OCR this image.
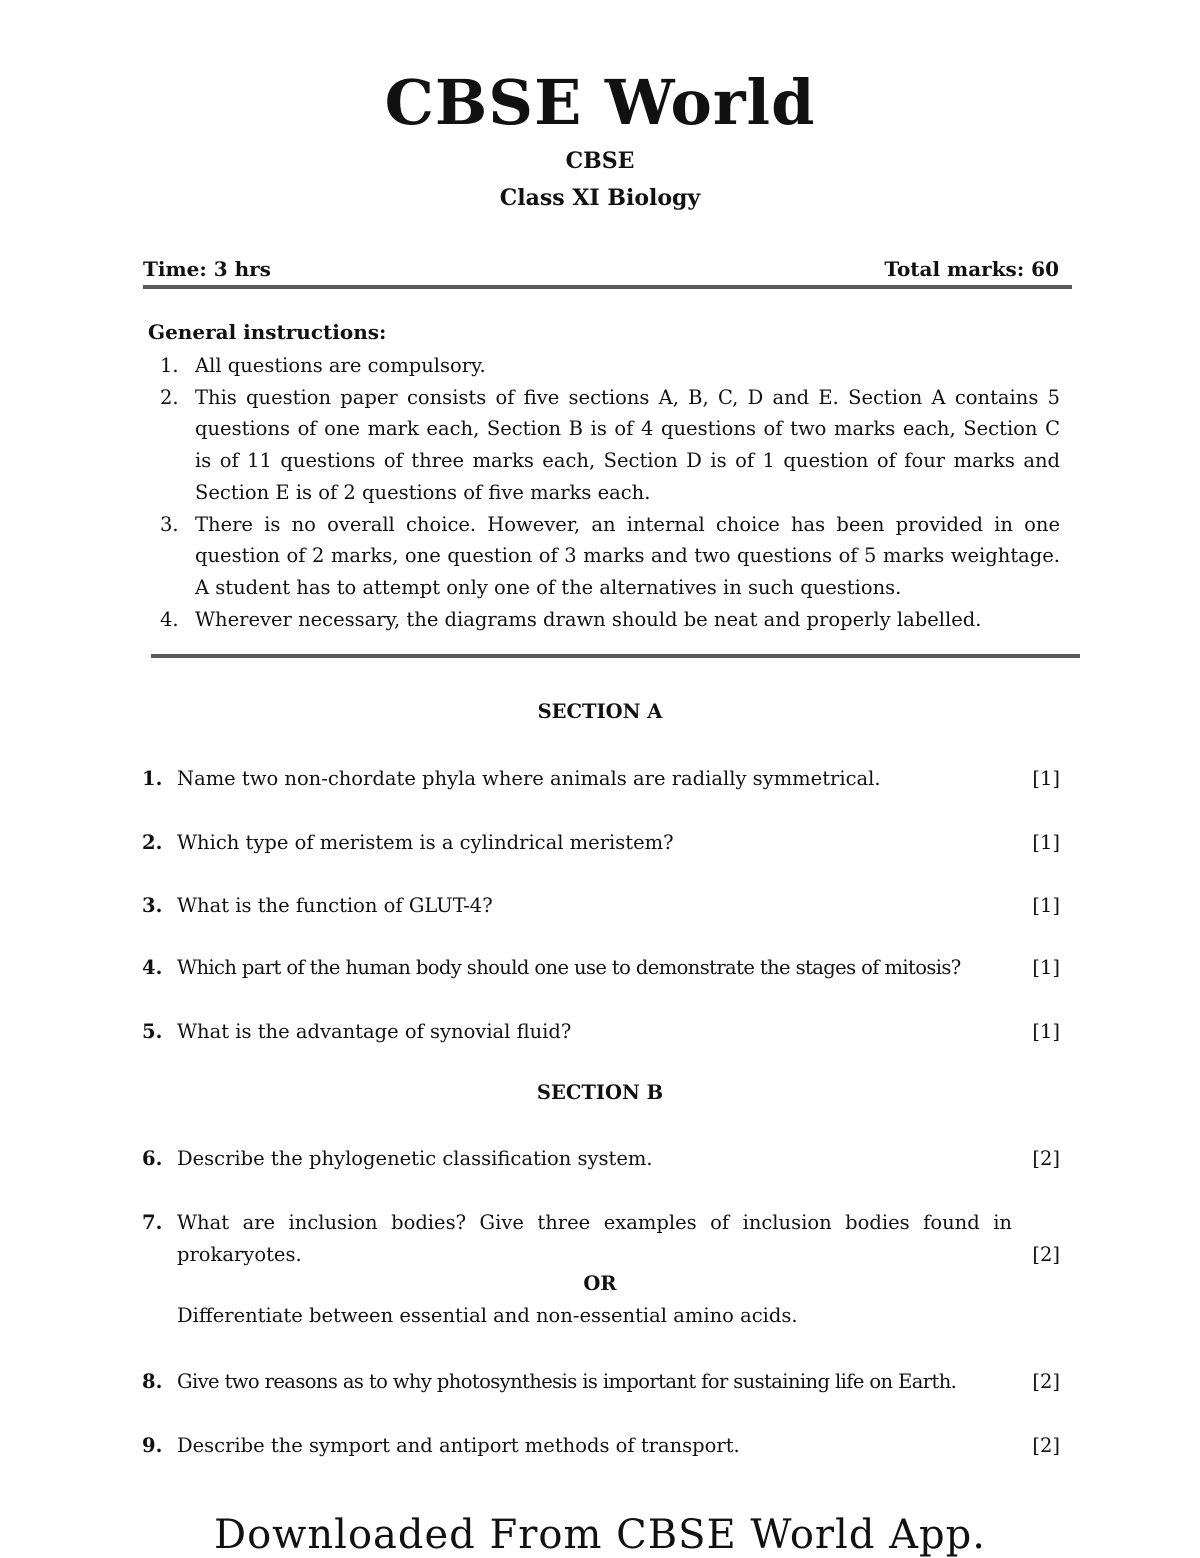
CBSE World
CBSE
Class XI Biology
Time: 3 hrs	Total marks: 60
General instructions:
1. All questions are compulsory.
2. This question paper consists of five sections A, B, C, D and E. Section A contains 5 questions of one mark each, Section B is of 4 questions of two marks each, Section C is of 11 questions of three marks each, Section D is of 1 question of four marks and Section E is of 2 questions of five marks each.
3. There is no overall choice. However, an internal choice has been provided in one question of 2 marks, one question of 3 marks and two questions of 5 marks weightage. A student has to attempt only one of the alternatives in such questions.
4. Wherever necessary, the diagrams drawn should be neat and properly labelled.
SECTION A
1. Name two non-chordate phyla where animals are radially symmetrical.	[1]
2. Which type of meristem is a cylindrical meristem?	[1]
3. What is the function of GLUT-4?	[1]
4. Which part of the human body should one use to demonstrate the stages of mitosis?	[1]
5. What is the advantage of synovial fluid?	[1]
SECTION B
6. Describe the phylogenetic classification system.	[2]
7. What are inclusion bodies? Give three examples of inclusion bodies found in prokaryotes.	[2]
OR
Differentiate between essential and non-essential amino acids.
8. Give two reasons as to why photosynthesis is important for sustaining life on Earth.	[2]
9. Describe the symport and antiport methods of transport.	[2]
Downloaded From CBSE World App.
